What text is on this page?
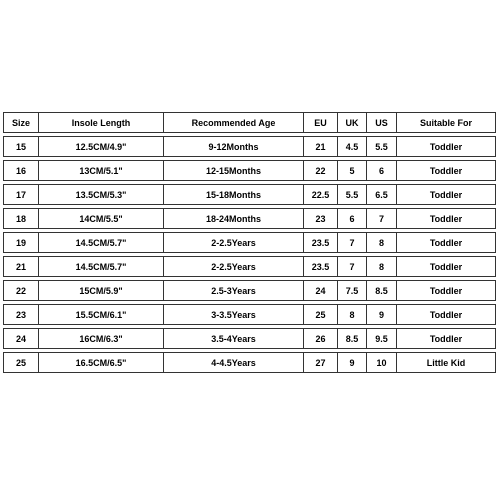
Size	Insole Length	Recommended Age	EU	UK	US	Suitable For
15	12.5CM/4.9"	9-12Months	21	4.5	5.5	Toddler
16	13CM/5.1"	12-15Months	22	5	6	Toddler
17	13.5CM/5.3"	15-18Months	22.5	5.5	6.5	Toddler
18	14CM/5.5"	18-24Months	23	6	7	Toddler
19	14.5CM/5.7"	2-2.5Years	23.5	7	8	Toddler
21	14.5CM/5.7"	2-2.5Years	23.5	7	8	Toddler
22	15CM/5.9"	2.5-3Years	24	7.5	8.5	Toddler
23	15.5CM/6.1"	3-3.5Years	25	8	9	Toddler
24	16CM/6.3"	3.5-4Years	26	8.5	9.5	Toddler
25	16.5CM/6.5"	4-4.5Years	27	9	10	Little Kid
